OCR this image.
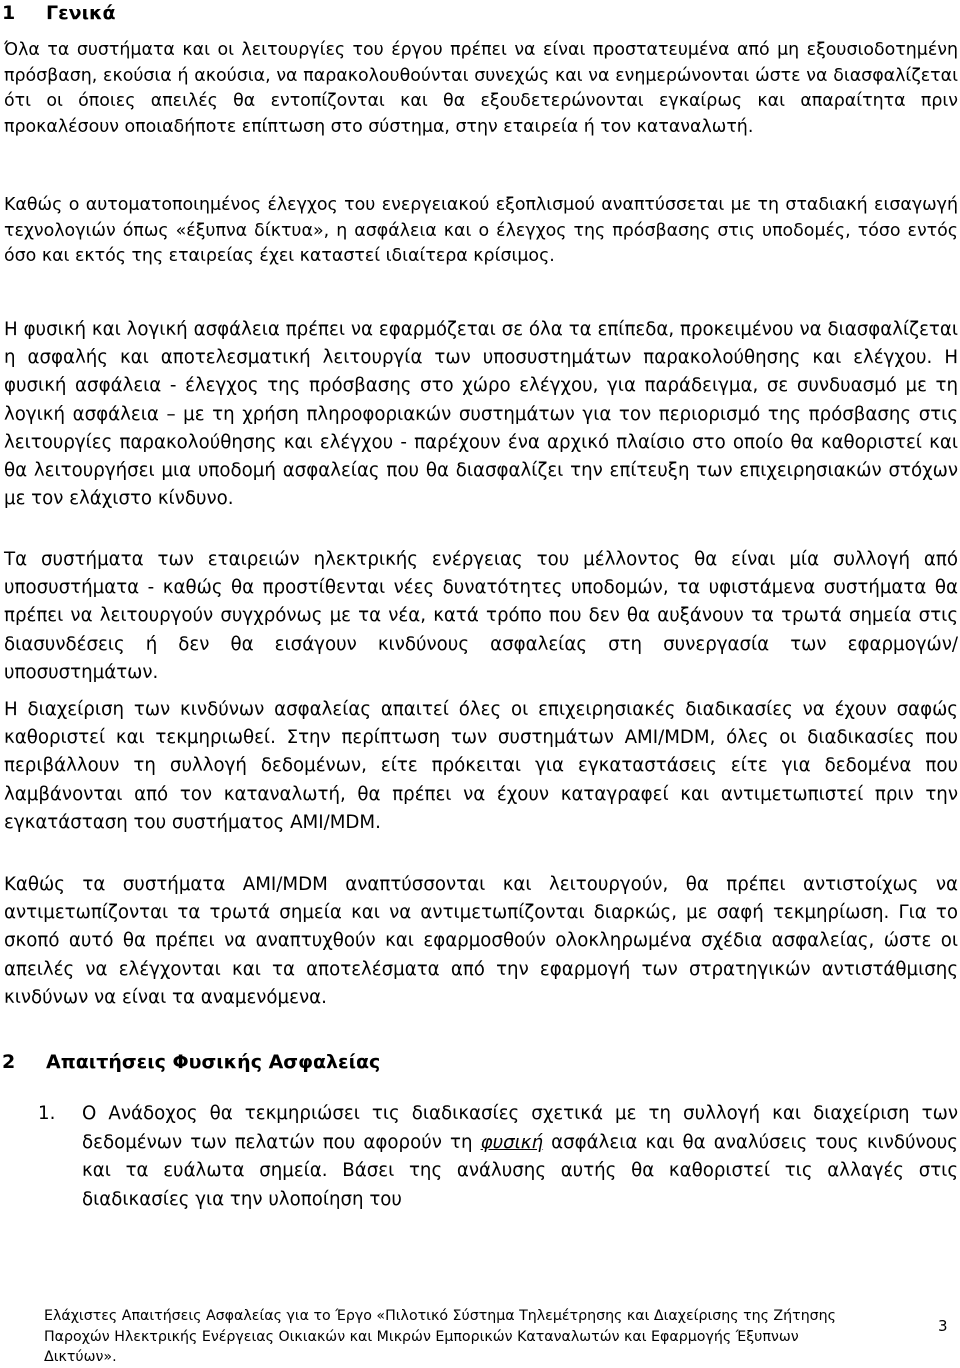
1 Γενικά

Όλα τα συστήματα και οι λειτουργίες του έργου πρέπει να είναι προστατευμένα από μη εξουσιοδοτημένη πρόσβαση, εκούσια ή ακούσια, να παρακολουθούνται συνεχώς και να ενημερώνονται ώστε να διασφαλίζεται ότι οι όποιες απειλές θα εντοπίζονται και θα εξουδετερώνονται εγκαίρως και απαραίτητα πριν προκαλέσουν οποιαδήποτε επίπτωση στο σύστημα, στην εταιρεία ή τον καταναλωτή.

Καθώς ο αυτοματοποιημένος έλεγχος του ενεργειακού εξοπλισμού αναπτύσσεται με τη σταδιακή εισαγωγή τεχνολογιών όπως «έξυπνα δίκτυα», η ασφάλεια και ο έλεγχος της πρόσβασης στις υποδομές, τόσο εντός όσο και εκτός της εταιρείας έχει καταστεί ιδιαίτερα κρίσιμος.

Η φυσική και λογική ασφάλεια πρέπει να εφαρμόζεται σε όλα τα επίπεδα, προκειμένου να διασφαλίζεται η ασφαλής και αποτελεσματική λειτουργία των υποσυστημάτων παρακολούθησης και ελέγχου. Η φυσική ασφάλεια - έλεγχος της πρόσβασης στο χώρο ελέγχου, για παράδειγμα, σε συνδυασμό με τη λογική ασφάλεια – με τη χρήση πληροφοριακών συστημάτων για τον περιορισμό της πρόσβασης στις λειτουργίες παρακολούθησης και ελέγχου - παρέχουν ένα αρχικό πλαίσιο στο οποίο θα καθοριστεί και θα λειτουργήσει μια υποδομή ασφαλείας που θα διασφαλίζει την επίτευξη των επιχειρησιακών στόχων με τον ελάχιστο κίνδυνο.

Τα συστήματα των εταιρειών ηλεκτρικής ενέργειας του μέλλοντος θα είναι μία συλλογή από υποσυστήματα - καθώς θα προστίθενται νέες δυνατότητες υποδομών, τα υφιστάμενα συστήματα θα πρέπει να λειτουργούν συγχρόνως με τα νέα, κατά τρόπο που δεν θα αυξάνουν τα τρωτά σημεία στις διασυνδέσεις ή δεν θα εισάγουν κινδύνους ασφαλείας στη συνεργασία των εφαρμογών/ υποσυστημάτων.

Η διαχείριση των κινδύνων ασφαλείας απαιτεί όλες οι επιχειρησιακές διαδικασίες να έχουν σαφώς καθοριστεί και τεκμηριωθεί. Στην περίπτωση των συστημάτων AMI/MDM, όλες οι διαδικασίες που περιβάλλουν τη συλλογή δεδομένων, είτε πρόκειται για εγκαταστάσεις είτε για δεδομένα που λαμβάνονται από τον καταναλωτή, θα πρέπει να έχουν καταγραφεί και αντιμετωπιστεί πριν την εγκατάσταση του συστήματος AMI/MDM.

Καθώς τα συστήματα AMI/MDM αναπτύσσονται και λειτουργούν, θα πρέπει αντιστοίχως να αντιμετωπίζονται τα τρωτά σημεία και να αντιμετωπίζονται διαρκώς, με σαφή τεκμηρίωση. Για το σκοπό αυτό θα πρέπει να αναπτυχθούν και εφαρμοσθούν ολοκληρωμένα σχέδια ασφαλείας, ώστε οι απειλές να ελέγχονται και τα αποτελέσματα από την εφαρμογή των στρατηγικών αντιστάθμισης κινδύνων να είναι τα αναμενόμενα.

2 Απαιτήσεις Φυσικής Ασφαλείας
1. Ο Ανάδοχος θα τεκμηριώσει τις διαδικασίες σχετικά με τη συλλογή και διαχείριση των δεδομένων των πελατών που αφορούν τη φυσική ασφάλεια και θα αναλύσεις τους κινδύνους και τα ευάλωτα σημεία. Βάσει της ανάλυσης αυτής θα καθοριστεί τις αλλαγές στις διαδικασίες για την υλοποίηση του
Ελάχιστες Απαιτήσεις Ασφαλείας για το Έργο «Πιλοτικό Σύστημα Τηλεμέτρησης και Διαχείρισης της Ζήτησης Παροχών Ηλεκτρικής Ενέργειας Οικιακών και Μικρών Εμπορικών Καταναλωτών και Εφαρμογής Έξυπνων Δικτύων».
3
